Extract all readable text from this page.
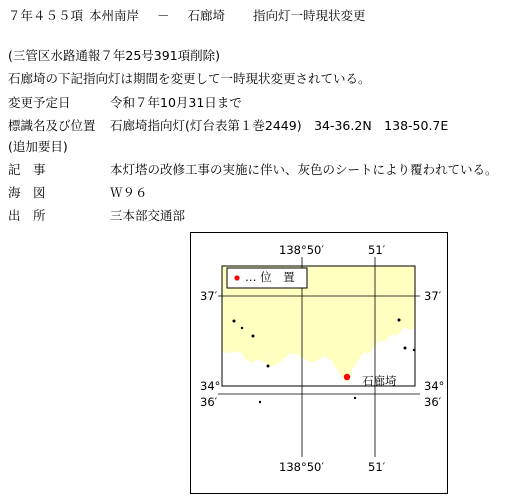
７年４５５項 本州南岸 － 石廊埼 指向灯一時現状変更
(三管区水路通報７年25号391項削除)
石廊埼の下記指向灯は期間を変更して一時現状変更されている。
変更予定日	令和７年10月31日まで
標識名及び位置 石廊埼指向灯(灯台表第１巻2449)　34-36.2N　138-50.7E
(追加要目)
記　事	本灯塔の改修工事の実施に伴い、灰色のシートにより覆われている。
海　図	Ｗ９６
出　所	三本部交通部
… 位　置
138°50′	51′
138°50′	51′
37′	37′
34°
36′
34°
36′
石廊埼
